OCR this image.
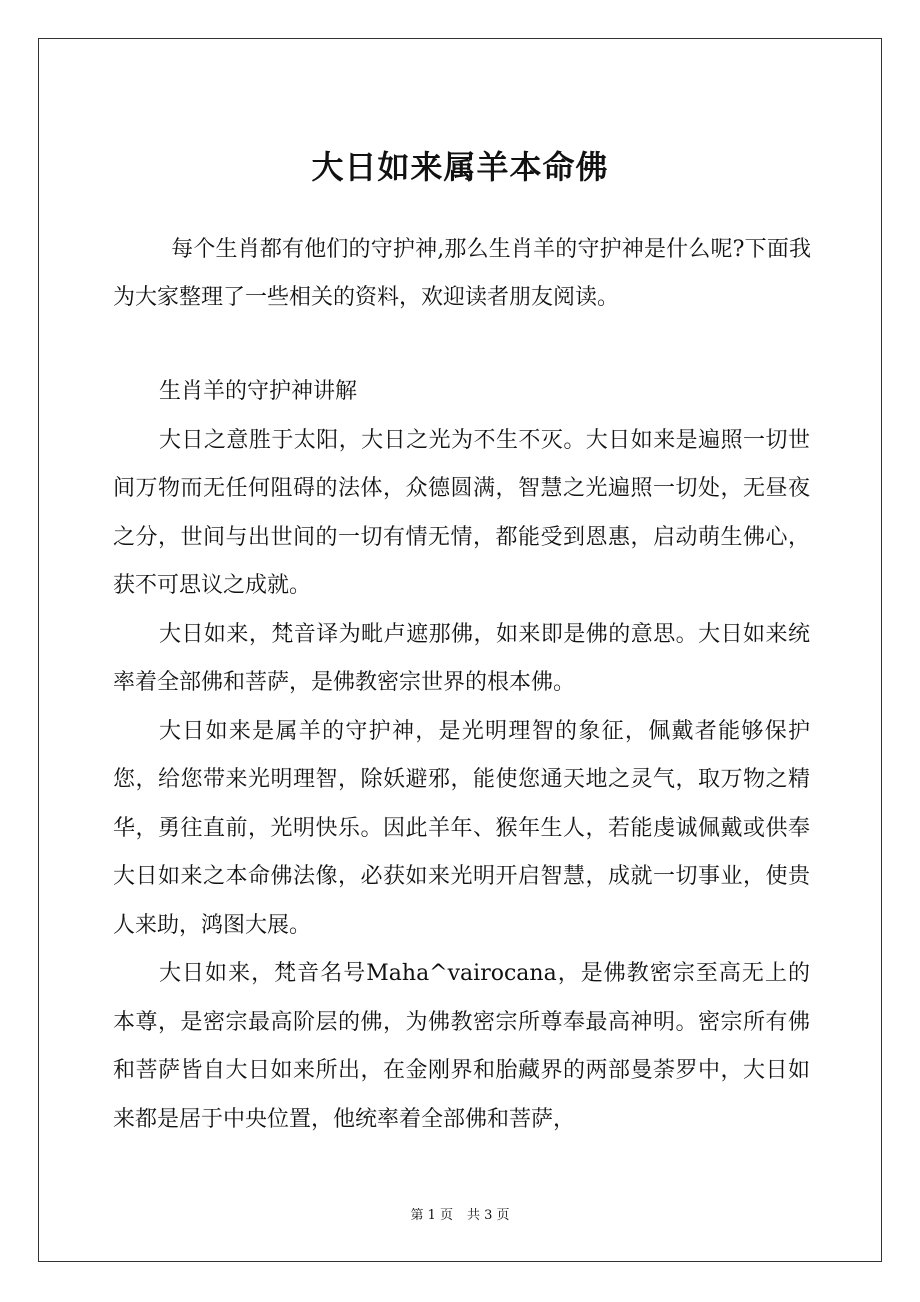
大日如来属羊本命佛

每个生肖都有他们的守护神,那么生肖羊的守护神是什么呢?下面我为大家整理了一些相关的资料，欢迎读者朋友阅读。

生肖羊的守护神讲解

大日之意胜于太阳，大日之光为不生不灭。大日如来是遍照一切世间万物而无任何阻碍的法体，众德圆满，智慧之光遍照一切处，无昼夜之分，世间与出世间的一切有情无情，都能受到恩惠，启动萌生佛心，获不可思议之成就。

大日如来，梵音译为毗卢遮那佛，如来即是佛的意思。大日如来统率着全部佛和菩萨，是佛教密宗世界的根本佛。

大日如来是属羊的守护神，是光明理智的象征，佩戴者能够保护您，给您带来光明理智，除妖避邪，能使您通天地之灵气，取万物之精华，勇往直前，光明快乐。因此羊年、猴年生人，若能虔诚佩戴或供奉大日如来之本命佛法像，必获如来光明开启智慧，成就一切事业，使贵人来助，鸿图大展。

大日如来，梵音名号Maha^vairocana，是佛教密宗至高无上的本尊，是密宗最高阶层的佛，为佛教密宗所尊奉最高神明。密宗所有佛和菩萨皆自大日如来所出，在金刚界和胎藏界的两部曼荼罗中，大日如来都是居于中央位置，他统率着全部佛和菩萨，

第 1 页 共 3 页
